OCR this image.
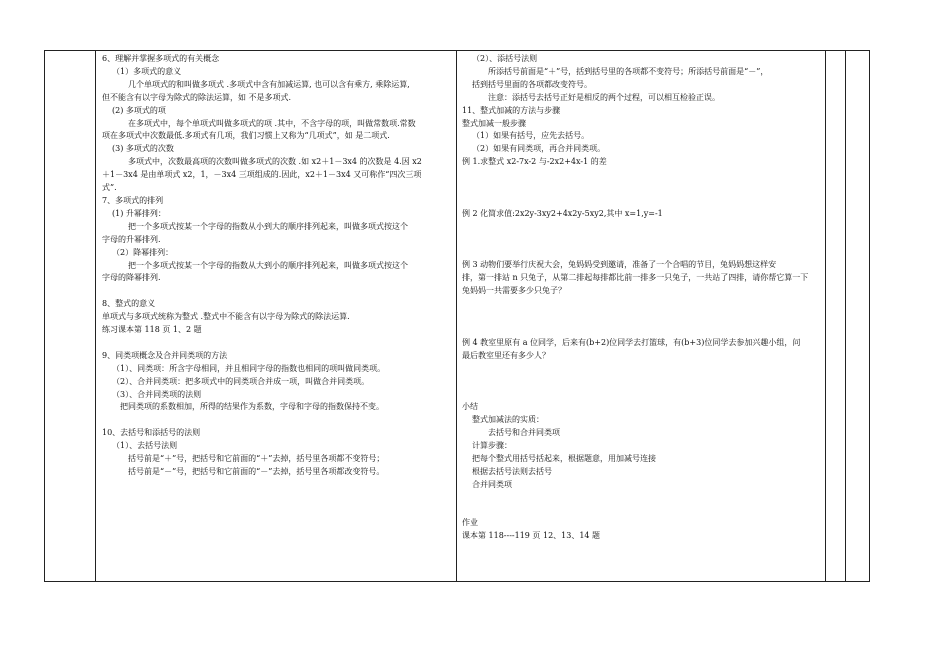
6、理解并掌握多项式的有关概念

（1）多项式的意义

几个单项式的和叫做多项式 .多项式中含有加减运算, 也可以含有乘方, 乘除运算,

但不能含有以字母为除式的除法运算，如 不是多项式.

(2) 多项式的项

在多项式中，每个单项式叫做多项式的项 .其中，不含字母的项，叫做常数项.常数

项在多项式中次数最低.多项式有几项，我们习惯上又称为“几项式”，如 是二项式.

(3) 多项式的次数

多项式中，次数最高项的次数叫做多项式的次数 .如 x2＋1－3x4 的次数是 4.因 x2

＋1－3x4 是由单项式 x2，1，－3x4 三项组成的.因此，x2＋1－3x4 又可称作“四次三项

式”.

7、多项式的排列

(1) 升幂排列：

把一个多项式按某一个字母的指数从小到大的顺序排列起来，叫做多项式按这个

字母的升幂排列.

（2）降幂排列：

把一个多项式按某一个字母的指数从大到小的顺序排列起来，叫做多项式按这个

字母的降幂排列.

8、整式的意义

单项式与多项式统称为整式 .整式中不能含有以字母为除式的除法运算.

练习课本第 118 页 1、2 题

9、同类项概念及合并同类项的方法

（1）、同类项：所含字母相同，并且相同字母的指数也相同的项叫做同类项。

（2）、合并同类项：把多项式中的同类项合并成一项，叫做合并同类项。

（3）、合并同类项的法则

把同类项的系数相加，所得的结果作为系数，字母和字母的指数保持不变。

10、去括号和添括号的法则

（1）、去括号法则

括号前是“＋”号，把括号和它前面的“＋”去掉，括号里各项都不变符号；

括号前是“－”号，把括号和它前面的“－”去掉，括号里各项都改变符号。

（2）、添括号法则

所添括号前面是“＋”号，括到括号里的各项都不变符号；所添括号前面是“－”，

括到括号里面的各项都改变符号。

注意：添括号去括号正好是相反的两个过程，可以相互检验正误。

11、整式加减的方法与步骤

整式加减一般步骤

（1）如果有括号，应先去括号。

（2）如果有同类项，再合并同类项。

例 1.求整式 x2-7x-2 与-2x2+4x-1 的差

例 2 化简求值:2x2y-3xy2+4x2y-5xy2,其中 x=1,y=-1

例 3 动物们要举行庆祝大会，兔妈妈受到邀请，准备了一个合唱的节目，兔妈妈想这样安

排，第一排站 n 只兔子，从第二排起每排都比前一排多一只兔子，一共站了四排，请你帮它算一下

兔妈妈一共需要多少只兔子？

例 4 教室里原有 a 位同学，后来有(b+2)位同学去打篮球，有(b+3)位同学去参加兴趣小组，问

最后教室里还有多少人？

小结

整式加减法的实质：

去括号和合并同类项

计算步骤：

把每个整式用括号括起来，根据题意，用加减号连接

根据去括号法则去括号

合并同类项

作业

课本第 118----119 页 12、13、14 题
